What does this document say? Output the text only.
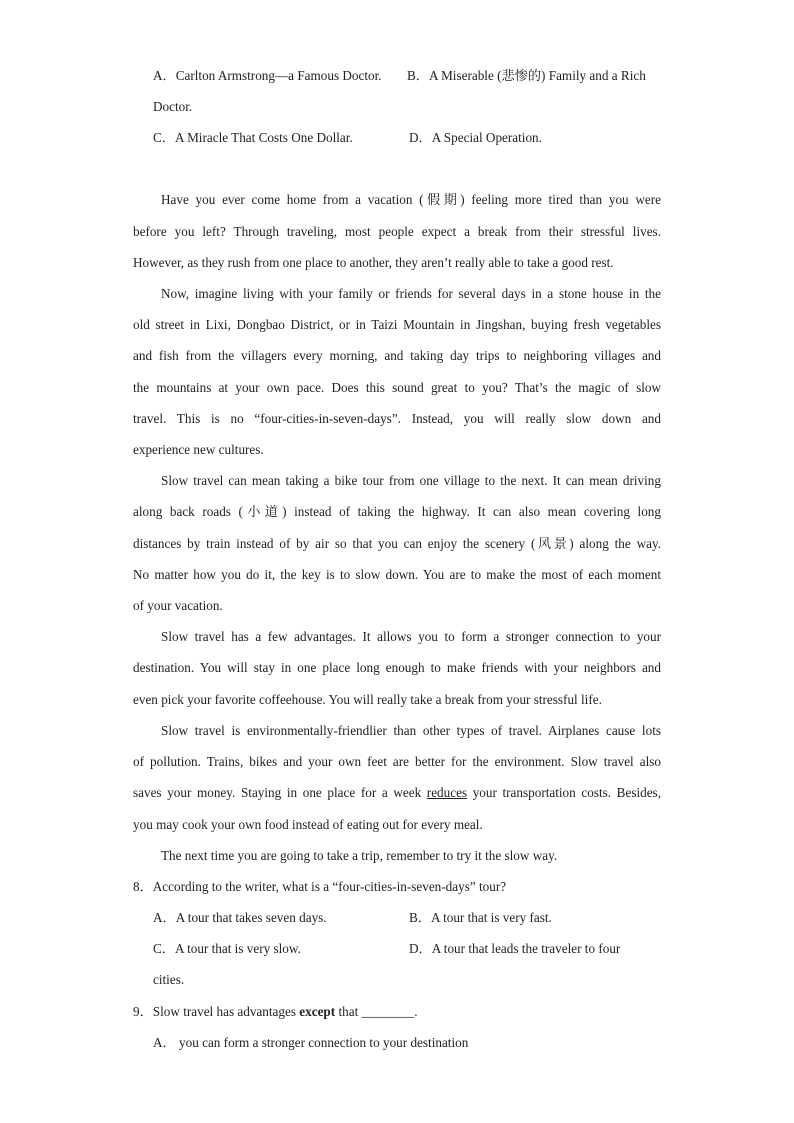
A．Carlton Armstrong—a Famous Doctor. B．A Miserable (悲惨的) Family and a Rich
Doctor.
C．A Miracle That Costs One Dollar.	D．A Special Operation.
Have you ever come home from a vacation (假期) feeling more tired than you were
before you left? Through traveling, most people expect a break from their stressful lives.
However, as they rush from one place to another, they aren’t really able to take a good rest.
Now, imagine living with your family or friends for several days in a stone house in the
old street in Lixi, Dongbao District, or in Taizi Mountain in Jingshan, buying fresh vegetables
and fish from the villagers every morning, and taking day trips to neighboring villages and
the mountains at your own pace. Does this sound great to you? That’s the magic of slow
travel. This is no “four-cities-in-seven-days”. Instead, you will really slow down and
experience new cultures.
Slow travel can mean taking a bike tour from one village to the next. It can mean driving
along back roads (小道) instead of taking the highway. It can also mean covering long
distances by train instead of by air so that you can enjoy the scenery (风景) along the way.
No matter how you do it, the key is to slow down. You are to make the most of each moment
of your vacation.
Slow travel has a few advantages. It allows you to form a stronger connection to your
destination. You will stay in one place long enough to make friends with your neighbors and
even pick your favorite coffeehouse. You will really take a break from your stressful life.
Slow travel is environmentally-friendlier than other types of travel. Airplanes cause lots
of pollution. Trains, bikes and your own feet are better for the environment. Slow travel also
saves your money. Staying in one place for a week reduces your transportation costs. Besides,
you may cook your own food instead of eating out for every meal.
The next time you are going to take a trip, remember to try it the slow way.
8．According to the writer, what is a “four-cities-in-seven-days” tour?
A．A tour that takes seven days.	B．A tour that is very fast.
C．A tour that is very slow.	D．A tour that leads the traveler to four
cities.
9．Slow travel has advantages except that ________.
A． you can form a stronger connection to your destination
